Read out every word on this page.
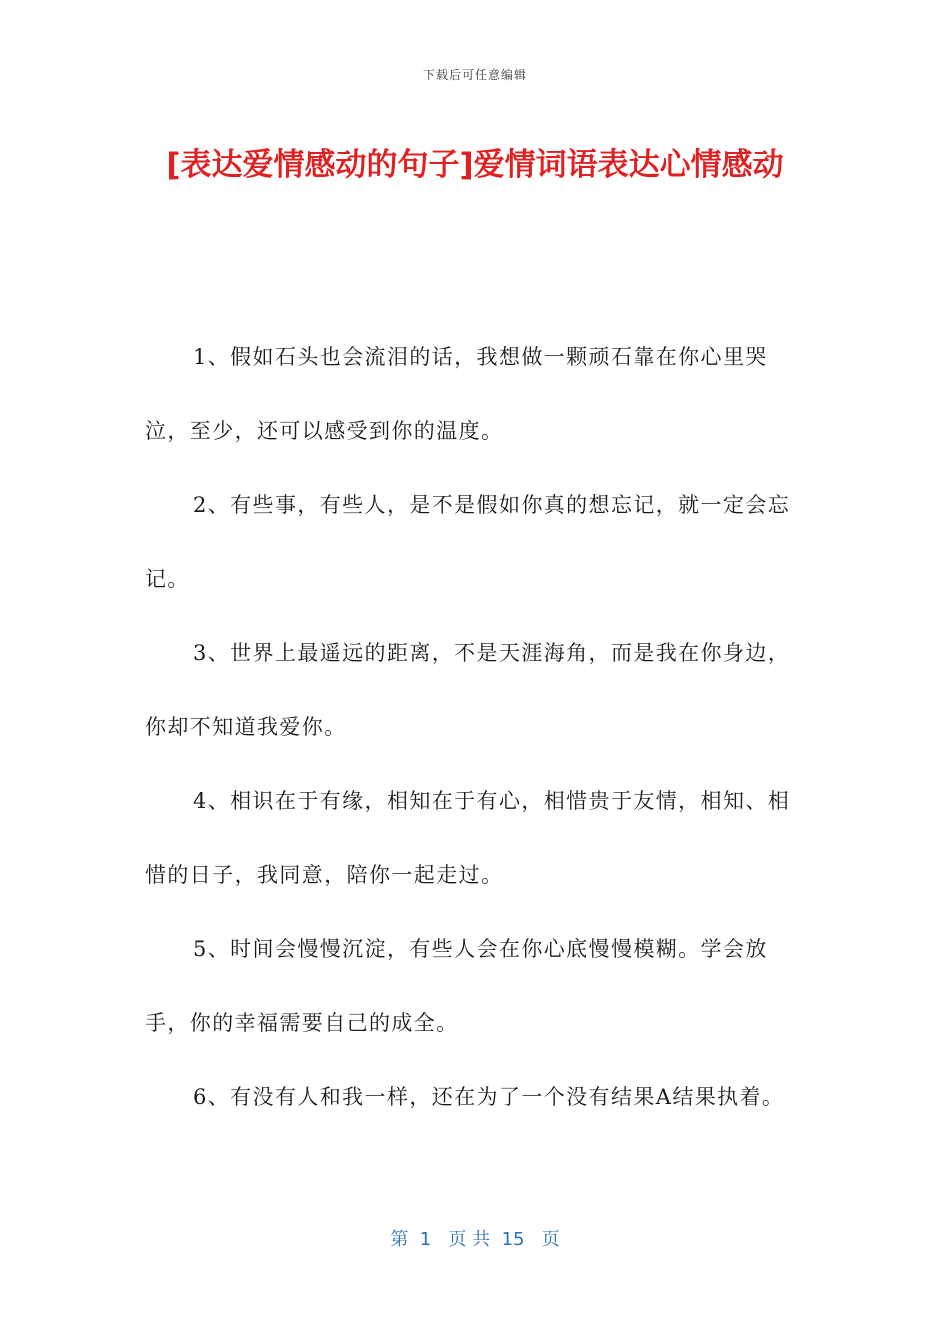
下载后可任意编辑
[表达爱情感动的句子]爱情词语表达心情感动

1、假如石头也会流泪的话，我想做一颗顽石靠在你心里哭泣，至少，还可以感受到你的温度。

2、有些事，有些人，是不是假如你真的想忘记，就一定会忘记。

3、世界上最遥远的距离，不是天涯海角，而是我在你身边，你却不知道我爱你。

4、相识在于有缘，相知在于有心，相惜贵于友情，相知、相惜的日子，我同意，陪你一起走过。

5、时间会慢慢沉淀，有些人会在你心底慢慢模糊。学会放手，你的幸福需要自己的成全。

6、有没有人和我一样，还在为了一个没有结果A结果执着。

第  1   页 共  15   页
